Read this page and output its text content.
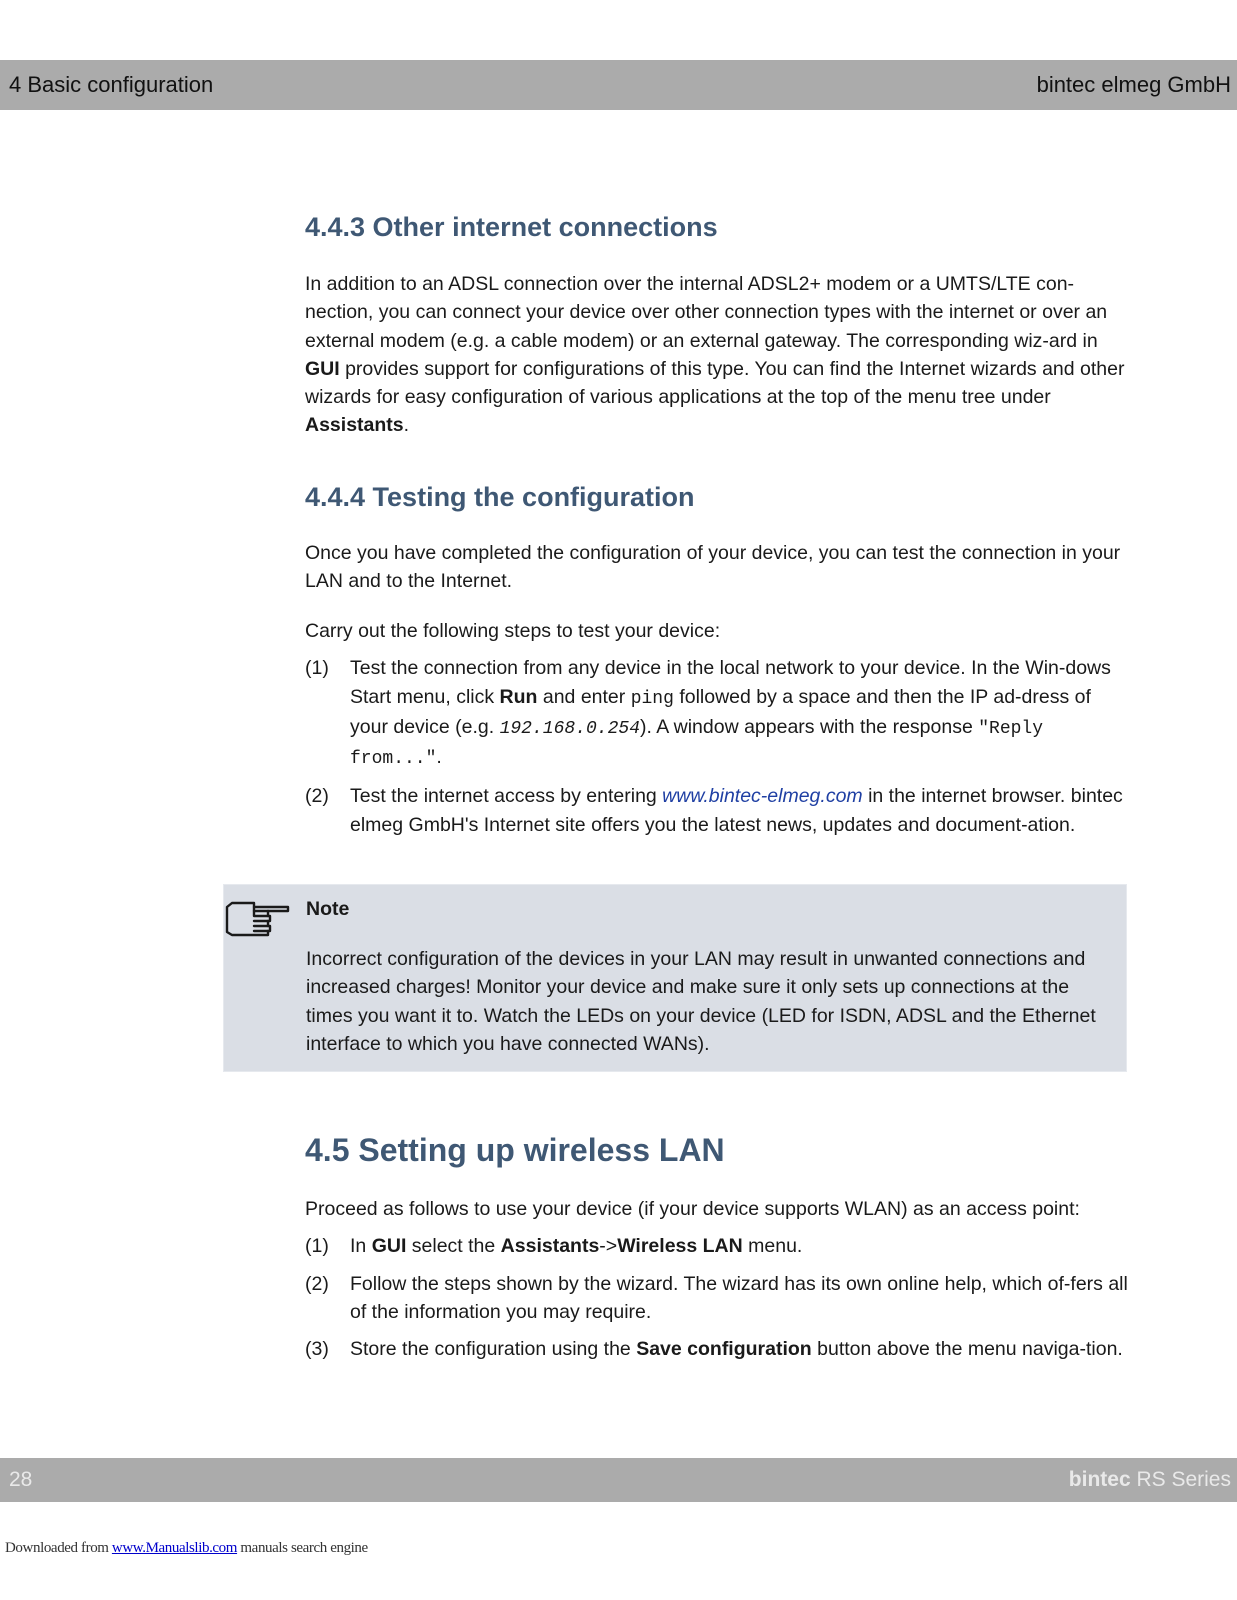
4 Basic configuration	bintec elmeg GmbH
4.4.3 Other internet connections

In addition to an ADSL connection over the internal ADSL2+ modem or a UMTS/LTE con-nection, you can connect your device over other connection types with the internet or over an external modem (e.g. a cable modem) or an external gateway. The corresponding wiz-ard in GUI provides support for configurations of this type. You can find the Internet wizards and other wizards for easy configuration of various applications at the top of the menu tree under Assistants.

4.4.4 Testing the configuration

Once you have completed the configuration of your device, you can test the connection in your LAN and to the Internet.

Carry out the following steps to test your device:

(1) Test the connection from any device in the local network to your device. In the Win-dows Start menu, click Run and enter ping followed by a space and then the IP ad-dress of your device (e.g. 192.168.0.254). A window appears with the response "Reply from...".
(2) Test the internet access by entering www.bintec-elmeg.com in the internet browser. bintec elmeg GmbH's Internet site offers you the latest news, updates and document-ation.
Note

Incorrect configuration of the devices in your LAN may result in unwanted connections and increased charges! Monitor your device and make sure it only sets up connections at the times you want it to. Watch the LEDs on your device (LED for ISDN, ADSL and the Ethernet interface to which you have connected WANs).

4.5 Setting up wireless LAN

Proceed as follows to use your device (if your device supports WLAN) as an access point:

(1) In GUI select the Assistants->Wireless LAN menu.
(2) Follow the steps shown by the wizard. The wizard has its own online help, which of-fers all of the information you may require.
(3) Store the configuration using the Save configuration button above the menu naviga-tion.
28	bintec RS Series
Downloaded from www.Manualslib.com manuals search engine
